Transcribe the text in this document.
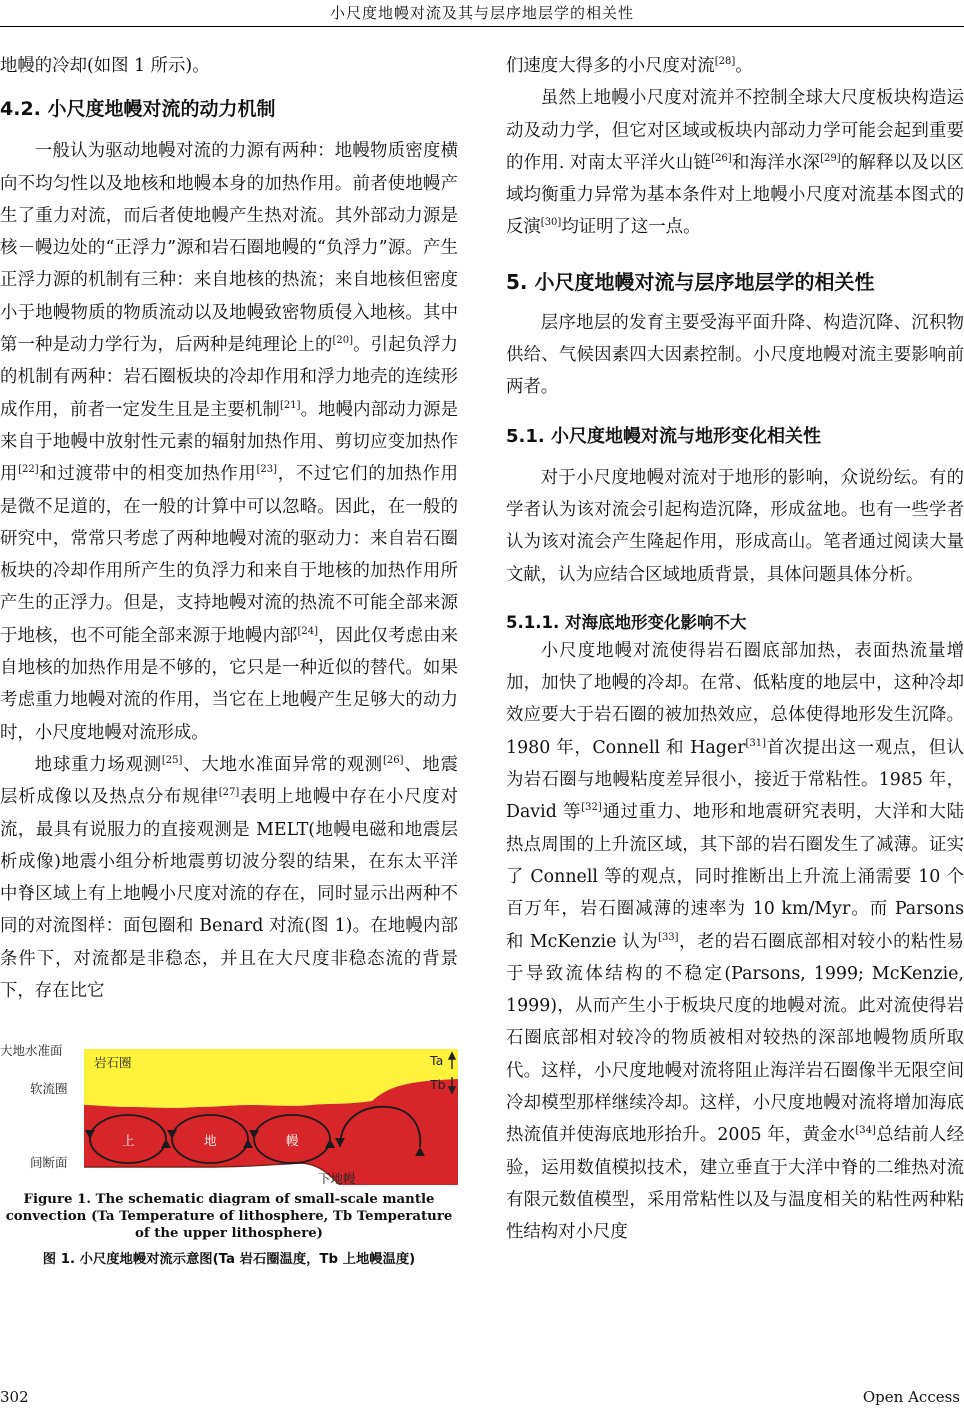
小尺度地幔对流及其与层序地层学的相关性

地幔的冷却(如图 1 所示)。

4.2. 小尺度地幔对流的动力机制

一般认为驱动地幔对流的力源有两种：地幔物质密度横向不均匀性以及地核和地幔本身的加热作用。前者使地幔产生了重力对流，而后者使地幔产生热对流。其外部动力源是核－幔边处的“正浮力”源和岩石圈地幔的“负浮力”源。产生正浮力源的机制有三种：来自地核的热流；来自地核但密度小于地幔物质的物质流动以及地幔致密物质侵入地核。其中第一种是动力学行为，后两种是纯理论上的[20]。引起负浮力的机制有两种：岩石圈板块的冷却作用和浮力地壳的连续形成作用，前者一定发生且是主要机制[21]。地幔内部动力源是来自于地幔中放射性元素的辐射加热作用、剪切应变加热作用[22]和过渡带中的相变加热作用[23]，不过它们的加热作用是微不足道的，在一般的计算中可以忽略。因此，在一般的研究中，常常只考虑了两种地幔对流的驱动力：来自岩石圈板块的冷却作用所产生的负浮力和来自于地核的加热作用所产生的正浮力。但是，支持地幔对流的热流不可能全部来源于地核，也不可能全部来源于地幔内部[24]，因此仅考虑由来自地核的加热作用是不够的，它只是一种近似的替代。如果考虑重力地幔对流的作用，当它在上地幔产生足够大的动力时，小尺度地幔对流形成。

地球重力场观测[25]、大地水准面异常的观测[26]、地震层析成像以及热点分布规律[27]表明上地幔中存在小尺度对流，最具有说服力的直接观测是 MELT(地幔电磁和地震层析成像)地震小组分析地震剪切波分裂的结果，在东太平洋中脊区域上有上地幔小尺度对流的存在，同时显示出两种不同的对流图样：面包圈和 Benard 对流(图 1)。在地幔内部条件下，对流都是非稳态，并且在大尺度非稳态流的背景下，存在比它

大地水准面
软流圈
间断面
岩石圈
上	地	幔
下地幔
Ta
Tb
Figure 1. The schematic diagram of small-scale mantle convection (Ta Temperature of lithosphere, Tb Temperature of the upper lithosphere)
图 1. 小尺度地幔对流示意图(Ta 岩石圈温度，Tb 上地幔温度)

们速度大得多的小尺度对流[28]。

虽然上地幔小尺度对流并不控制全球大尺度板块构造运动及动力学，但它对区域或板块内部动力学可能会起到重要的作用. 对南太平洋火山链[26]和海洋水深[29]的解释以及以区域均衡重力异常为基本条件对上地幔小尺度对流基本图式的反演[30]均证明了这一点。

5. 小尺度地幔对流与层序地层学的相关性

层序地层的发育主要受海平面升降、构造沉降、沉积物供给、气候因素四大因素控制。小尺度地幔对流主要影响前两者。

5.1. 小尺度地幔对流与地形变化相关性

对于小尺度地幔对流对于地形的影响，众说纷纭。有的学者认为该对流会引起构造沉降，形成盆地。也有一些学者认为该对流会产生隆起作用，形成高山。笔者通过阅读大量文献，认为应结合区域地质背景，具体问题具体分析。

5.1.1. 对海底地形变化影响不大

小尺度地幔对流使得岩石圈底部加热，表面热流量增加，加快了地幔的冷却。在常、低粘度的地层中，这种冷却效应要大于岩石圈的被加热效应，总体使得地形发生沉降。1980 年，Connell 和 Hager[31]首次提出这一观点，但认为岩石圈与地幔粘度差异很小，接近于常粘性。1985 年，David 等[32]通过重力、地形和地震研究表明，大洋和大陆热点周围的上升流区域，其下部的岩石圈发生了减薄。证实了 Connell 等的观点，同时推断出上升流上涌需要 10 个百万年，岩石圈减薄的速率为 10 km/Myr。而 Parsons 和 McKenzie 认为[33]，老的岩石圈底部相对较小的粘性易于导致流体结构的不稳定(Parsons, 1999; McKenzie, 1999)，从而产生小于板块尺度的地幔对流。此对流使得岩石圈底部相对较冷的物质被相对较热的深部地幔物质所取代。这样，小尺度地幔对流将阻止海洋岩石圈像半无限空间冷却模型那样继续冷却。这样，小尺度地幔对流将增加海底热流值并使海底地形抬升。2005 年，黄金水[34]总结前人经验，运用数值模拟技术，建立垂直于大洋中脊的二维热对流有限元数值模型，采用常粘性以及与温度相关的粘性两种粘性结构对小尺度

302	Open Access
